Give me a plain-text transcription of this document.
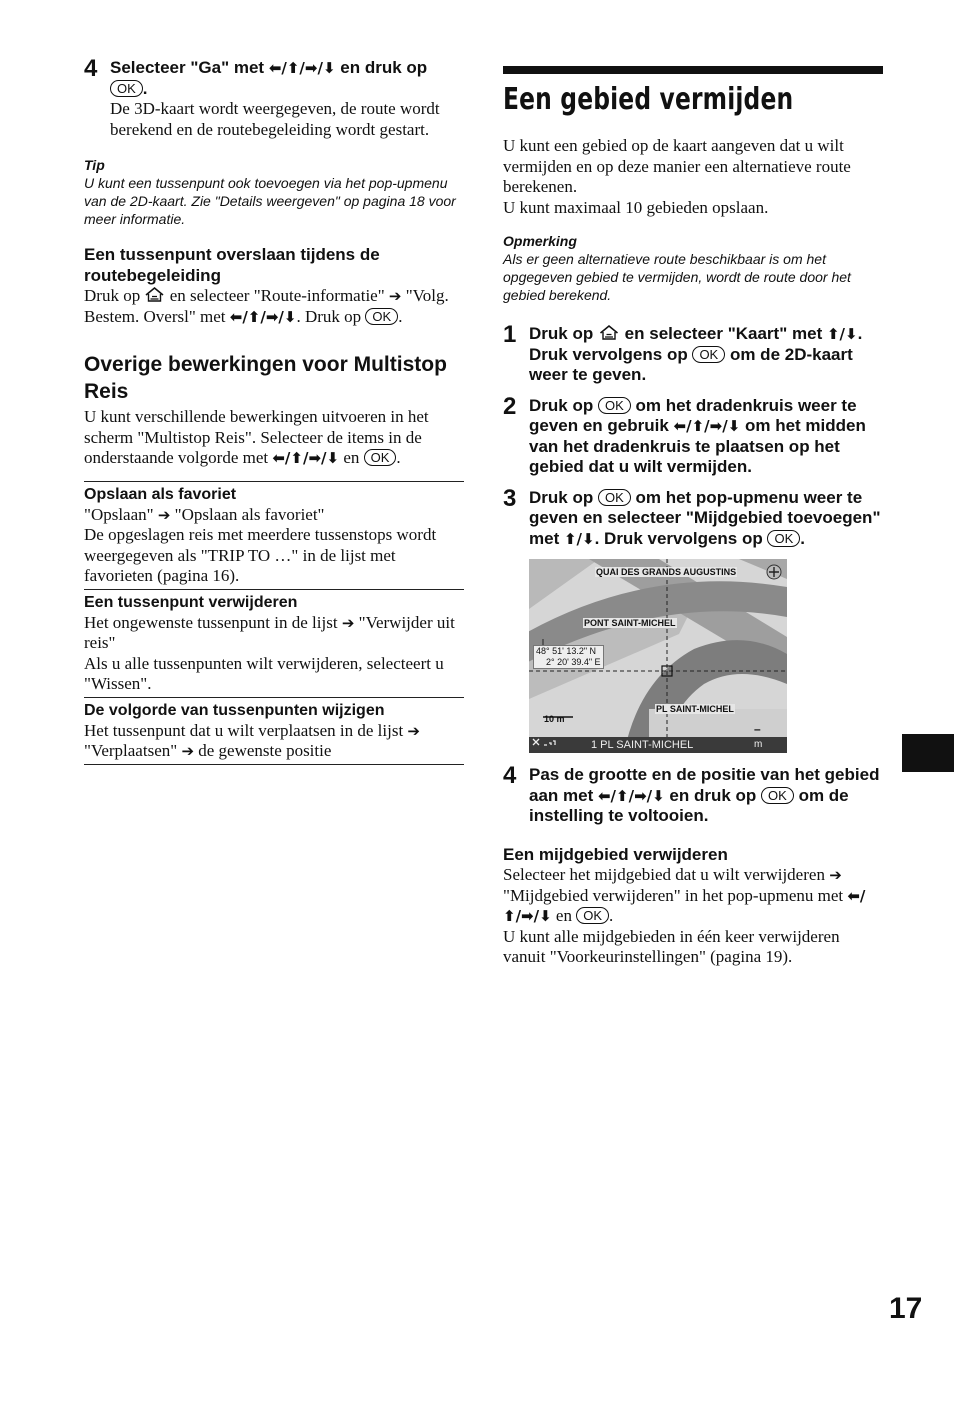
4 Selecteer "Ga" met ⬅/⬆/➡/⬇ en druk op OK .
De 3D-kaart wordt weergegeven, de route wordt berekend en de routebegeleiding wordt gestart.
Tip
U kunt een tussenpunt ook toevoegen via het pop-upmenu van de 2D-kaart. Zie "Details weergeven" op pagina 18 voor meer informatie.
Een tussenpunt overslaan tijdens de routebegeleiding
Druk op  en selecteer "Route-informatie" ➔ "Volg. Bestem. Oversl" met ⬅/⬆/➡/⬇. Druk op OK .
Overige bewerkingen voor Multistop Reis
U kunt verschillende bewerkingen uitvoeren in het scherm "Multistop Reis". Selecteer de items in de onderstaande volgorde met ⬅/⬆/➡/⬇ en OK .
Opslaan als favoriet
"Opslaan" ➔ "Opslaan als favoriet"
De opgeslagen reis met meerdere tussenstops wordt weergegeven als "TRIP TO …" in de lijst met favorieten (pagina 16).
Een tussenpunt verwijderen
Het ongewenste tussenpunt in de lijst ➔ "Verwijder uit reis"
Als u alle tussenpunten wilt verwijderen, selecteert u "Wissen".
De volgorde van tussenpunten wijzigen
Het tussenpunt dat u wilt verplaatsen in de lijst ➔ "Verplaatsen" ➔ de gewenste positie
Een gebied vermijden
U kunt een gebied op de kaart aangeven dat u wilt vermijden en op deze manier een alternatieve route berekenen.
U kunt maximaal 10 gebieden opslaan.
Opmerking
Als er geen alternatieve route beschikbaar is om het opgegeven gebied te vermijden, wordt de route door het gebied berekend.
1 Druk op  en selecteer "Kaart" met ⬆/⬇. Druk vervolgens op OK om de 2D-kaart weer te geven.
2 Druk op OK om het dradenkruis weer te geven en gebruik ⬅/⬆/➡/⬇ om het midden van het dradenkruis te plaatsen op het gebied dat u wilt vermijden.
3 Druk op OK om het pop-upmenu weer te geven en selecteer "Mijdgebied toevoegen" met ⬆/⬇. Druk vervolgens op OK .
QUAI DES GRANDS AUGUSTINS
PONT SAINT-MICHEL
48° 51' 13.2" N
2° 20' 39.4" E
PL SAINT-MICHEL
10 m
1 PL SAINT-MICHEL
–
m
4 Pas de grootte en de positie van het gebied aan met ⬅/⬆/➡/⬇ en druk op OK om de instelling te voltooien.
Een mijdgebied verwijderen
Selecteer het mijdgebied dat u wilt verwijderen ➔ "Mijdgebied verwijderen" in het pop-upmenu met ⬅/⬆/➡/⬇ en OK .
U kunt alle mijdgebieden in één keer verwijderen vanuit "Voorkeurinstellingen" (pagina 19).
17
